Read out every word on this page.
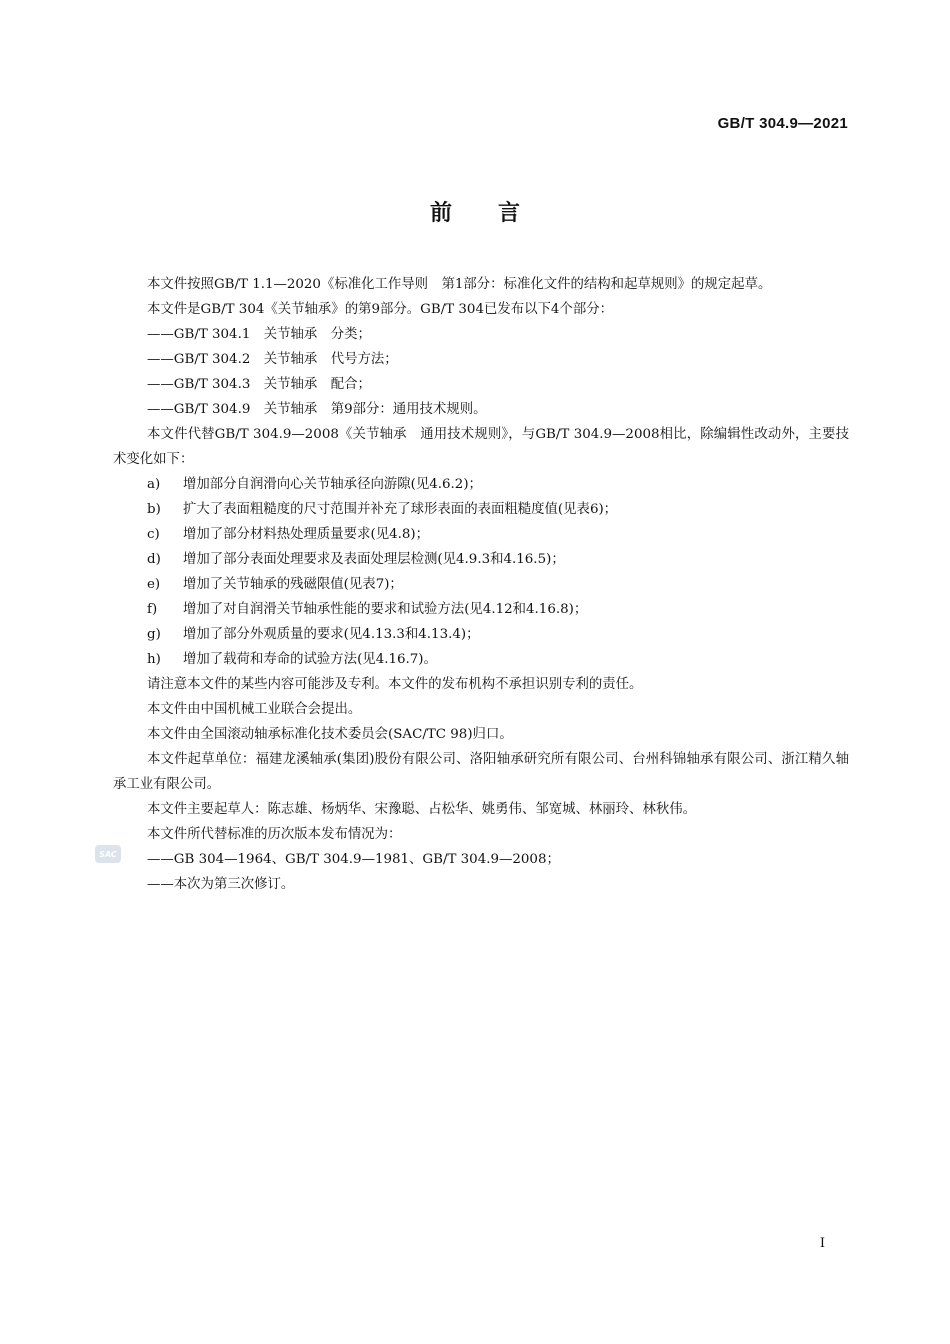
GB/T 304.9—2021
前 言
本文件按照GB/T 1.1—2020《标准化工作导则　第1部分：标准化文件的结构和起草规则》的规定起草。
本文件是GB/T 304《关节轴承》的第9部分。GB/T 304已发布以下4个部分：
——GB/T 304.1　关节轴承　分类；
——GB/T 304.2　关节轴承　代号方法；
——GB/T 304.3　关节轴承　配合；
——GB/T 304.9　关节轴承　第9部分：通用技术规则。
本文件代替GB/T 304.9—2008《关节轴承　通用技术规则》，与GB/T 304.9—2008相比，除编辑性改动外，主要技术变化如下：
a) 增加部分自润滑向心关节轴承径向游隙(见4.6.2)；
b) 扩大了表面粗糙度的尺寸范围并补充了球形表面的表面粗糙度值(见表6)；
c) 增加了部分材料热处理质量要求(见4.8)；
d) 增加了部分表面处理要求及表面处理层检测(见4.9.3和4.16.5)；
e) 增加了关节轴承的残磁限值(见表7)；
f) 增加了对自润滑关节轴承性能的要求和试验方法(见4.12和4.16.8)；
g) 增加了部分外观质量的要求(见4.13.3和4.13.4)；
h) 增加了载荷和寿命的试验方法(见4.16.7)。
请注意本文件的某些内容可能涉及专利。本文件的发布机构不承担识别专利的责任。
本文件由中国机械工业联合会提出。
本文件由全国滚动轴承标准化技术委员会(SAC/TC 98)归口。
本文件起草单位：福建龙溪轴承(集团)股份有限公司、洛阳轴承研究所有限公司、台州科锦轴承有限公司、浙江精久轴承工业有限公司。
本文件主要起草人：陈志雄、杨炳华、宋豫聪、占松华、姚勇伟、邹宽城、林丽玲、林秋伟。
本文件所代替标准的历次版本发布情况为：
——GB 304—1964、GB/T 304.9—1981、GB/T 304.9—2008；
——本次为第三次修订。
SAC
I
